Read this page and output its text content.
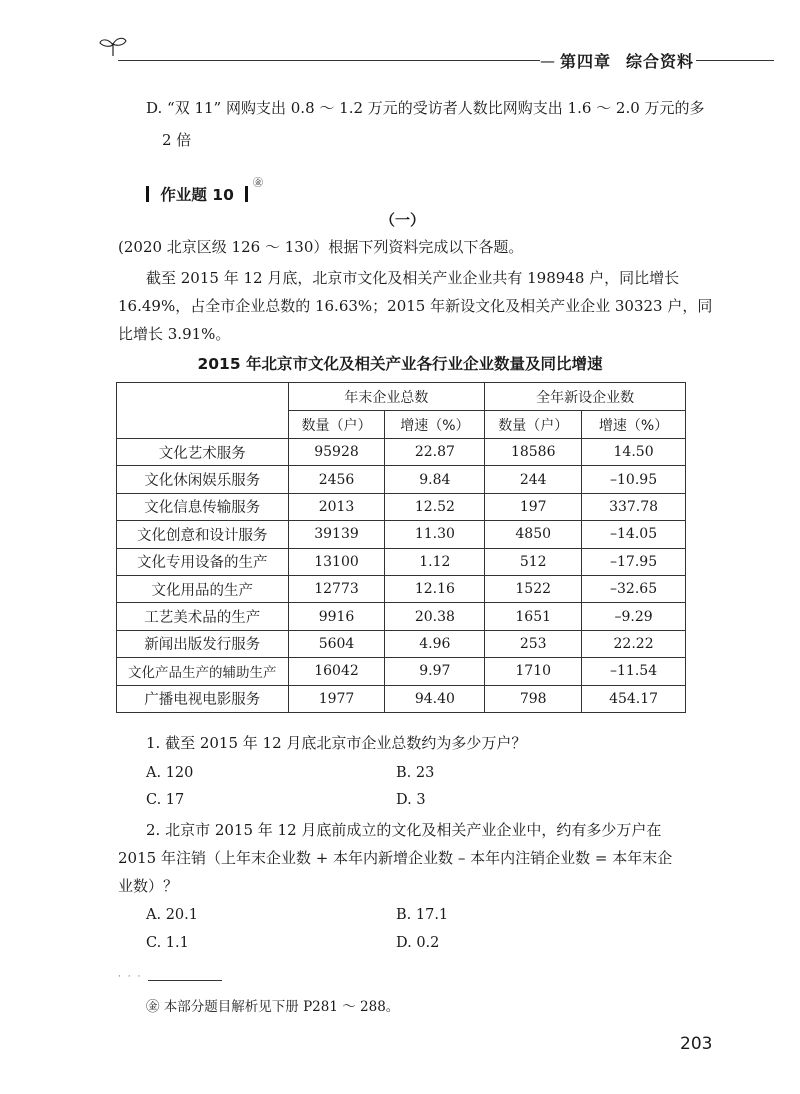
— 第四章 综合资料
D. “双 11” 网购支出 0.8 ～ 1.2 万元的受访者人数比网购支出 1.6 ～ 2.0 万元的多
2 倍
作业题 10
㊎
（一）
(2020 北京区级 126 ～ 130）根据下列资料完成以下各题。
截至 2015 年 12 月底，北京市文化及相关产业企业共有 198948 户，同比增长
16.49%，占全市企业总数的 16.63%；2015 年新设文化及相关产业企业 30323 户，同
比增长 3.91%。
2015 年北京市文化及相关产业各行业企业数量及同比增速
	年末企业总数		全年新设企业数	
	数量（户）	增速（%）	数量（户）	增速（%）
文化艺术服务	95928	22.87	18586	14.50
文化休闲娱乐服务	2456	9.84	244	–10.95
文化信息传输服务	2013	12.52	197	337.78
文化创意和设计服务	39139	11.30	4850	–14.05
文化专用设备的生产	13100	1.12	512	–17.95
文化用品的生产	12773	12.16	1522	–32.65
工艺美术品的生产	9916	20.38	1651	–9.29
新闻出版发行服务	5604	4.96	253	22.22
文化产品生产的辅助生产	16042	9.97	1710	–11.54
广播电视电影服务	1977	94.40	798	454.17
1. 截至 2015 年 12 月底北京市企业总数约为多少万户？
A. 120	B. 23
C. 17	D. 3
2. 北京市 2015 年 12 月底前成立的文化及相关产业企业中，约有多少万户在
2015 年注销（上年末企业数 + 本年内新增企业数 – 本年内注销企业数 = 本年末企
业数）？
A. 20.1	B. 17.1
C. 1.1	D. 0.2
· · ·
㊎ 本部分题目解析见下册 P281 ～ 288。
203
